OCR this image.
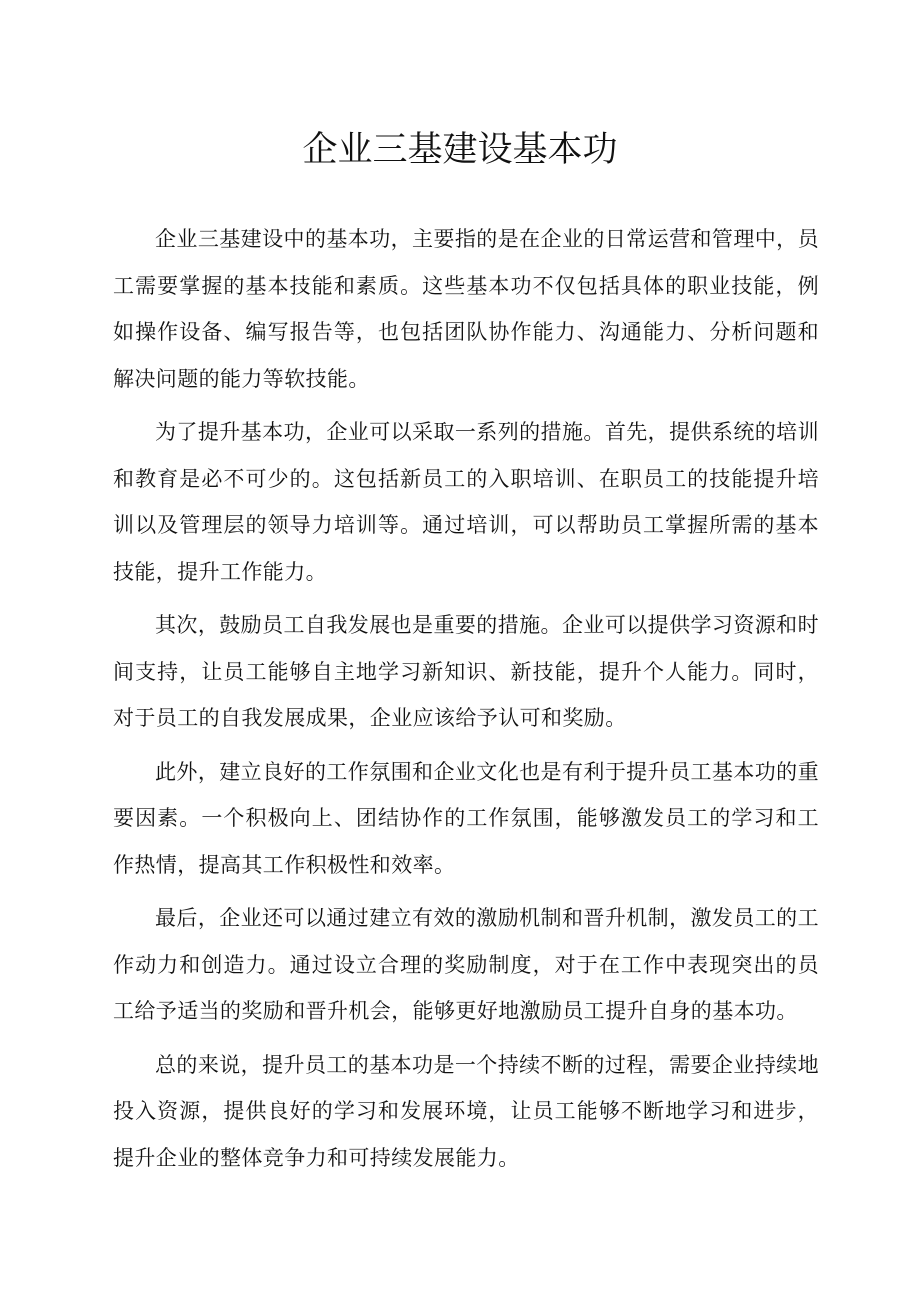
企业三基建设基本功

企业三基建设中的基本功，主要指的是在企业的日常运营和管理中，员工需要掌握的基本技能和素质。这些基本功不仅包括具体的职业技能，例如操作设备、编写报告等，也包括团队协作能力、沟通能力、分析问题和解决问题的能力等软技能。

为了提升基本功，企业可以采取一系列的措施。首先，提供系统的培训和教育是必不可少的。这包括新员工的入职培训、在职员工的技能提升培训以及管理层的领导力培训等。通过培训，可以帮助员工掌握所需的基本技能，提升工作能力。

其次，鼓励员工自我发展也是重要的措施。企业可以提供学习资源和时间支持，让员工能够自主地学习新知识、新技能，提升个人能力。同时，对于员工的自我发展成果，企业应该给予认可和奖励。

此外，建立良好的工作氛围和企业文化也是有利于提升员工基本功的重要因素。一个积极向上、团结协作的工作氛围，能够激发员工的学习和工作热情，提高其工作积极性和效率。

最后，企业还可以通过建立有效的激励机制和晋升机制，激发员工的工作动力和创造力。通过设立合理的奖励制度，对于在工作中表现突出的员工给予适当的奖励和晋升机会，能够更好地激励员工提升自身的基本功。

总的来说，提升员工的基本功是一个持续不断的过程，需要企业持续地投入资源，提供良好的学习和发展环境，让员工能够不断地学习和进步，提升企业的整体竞争力和可持续发展能力。
